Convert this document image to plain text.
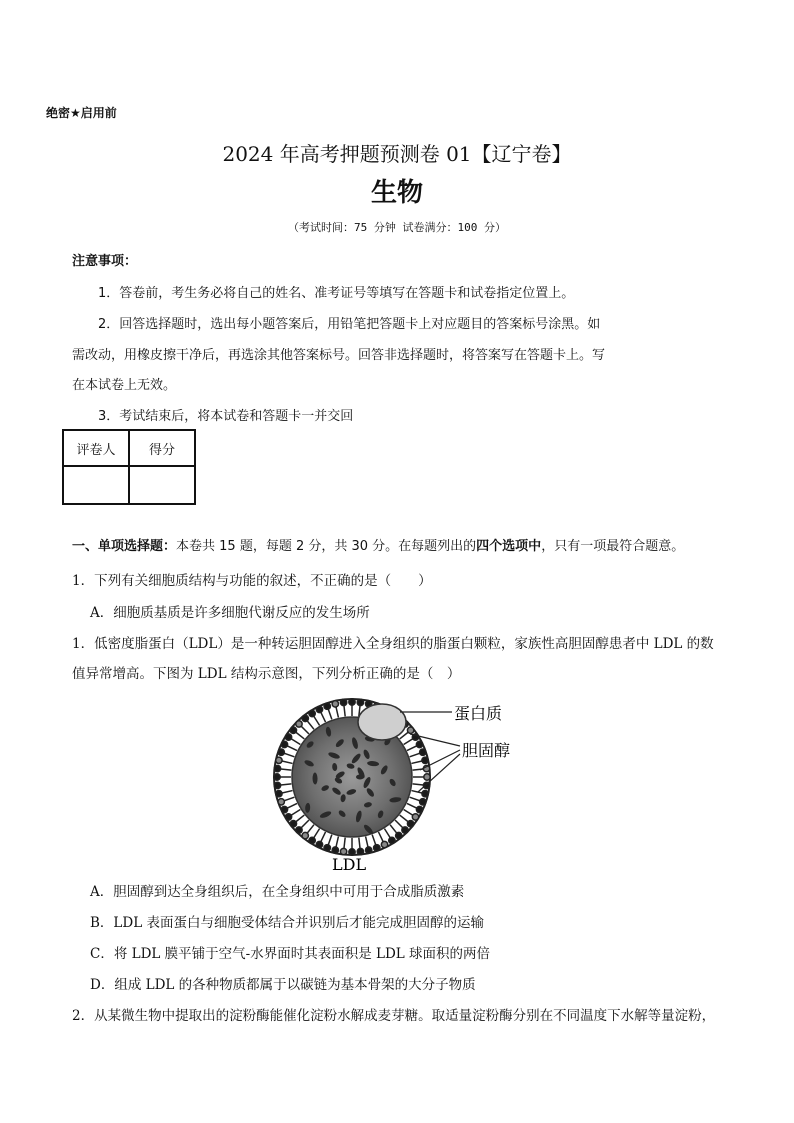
绝密★启用前
2024 年高考押题预测卷 01【辽宁卷】
生物
（考试时间：75 分钟 试卷满分：100 分）
注意事项：
1．答卷前，考生务必将自己的姓名、准考证号等填写在答题卡和试卷指定位置上。
2．回答选择题时，选出每小题答案后，用铅笔把答题卡上对应题目的答案标号涂黑。如
需改动，用橡皮擦干净后，再选涂其他答案标号。回答非选择题时，将答案写在答题卡上。写
在本试卷上无效。
3．考试结束后，将本试卷和答题卡一并交回
评卷人	得分

一、单项选择题：本卷共 15 题，每题 2 分，共 30 分。在每题列出的四个选项中，只有一项最符合题意。
1．下列有关细胞质结构与功能的叙述，不正确的是（　　）
A．细胞质基质是许多细胞代谢反应的发生场所
1．低密度脂蛋白（LDL）是一种转运胆固醇进入全身组织的脂蛋白颗粒，家族性高胆固醇患者中 LDL 的数
值异常增高。下图为 LDL 结构示意图，下列分析正确的是（　）
蛋白质
胆固醇
LDL
A．胆固醇到达全身组织后，在全身组织中可用于合成脂质激素
B．LDL 表面蛋白与细胞受体结合并识别后才能完成胆固醇的运输
C．将 LDL 膜平铺于空气-水界面时其表面积是 LDL 球面积的两倍
D．组成 LDL 的各种物质都属于以碳链为基本骨架的大分子物质
2．从某微生物中提取出的淀粉酶能催化淀粉水解成麦芽糖。取适量淀粉酶分别在不同温度下水解等量淀粉，
